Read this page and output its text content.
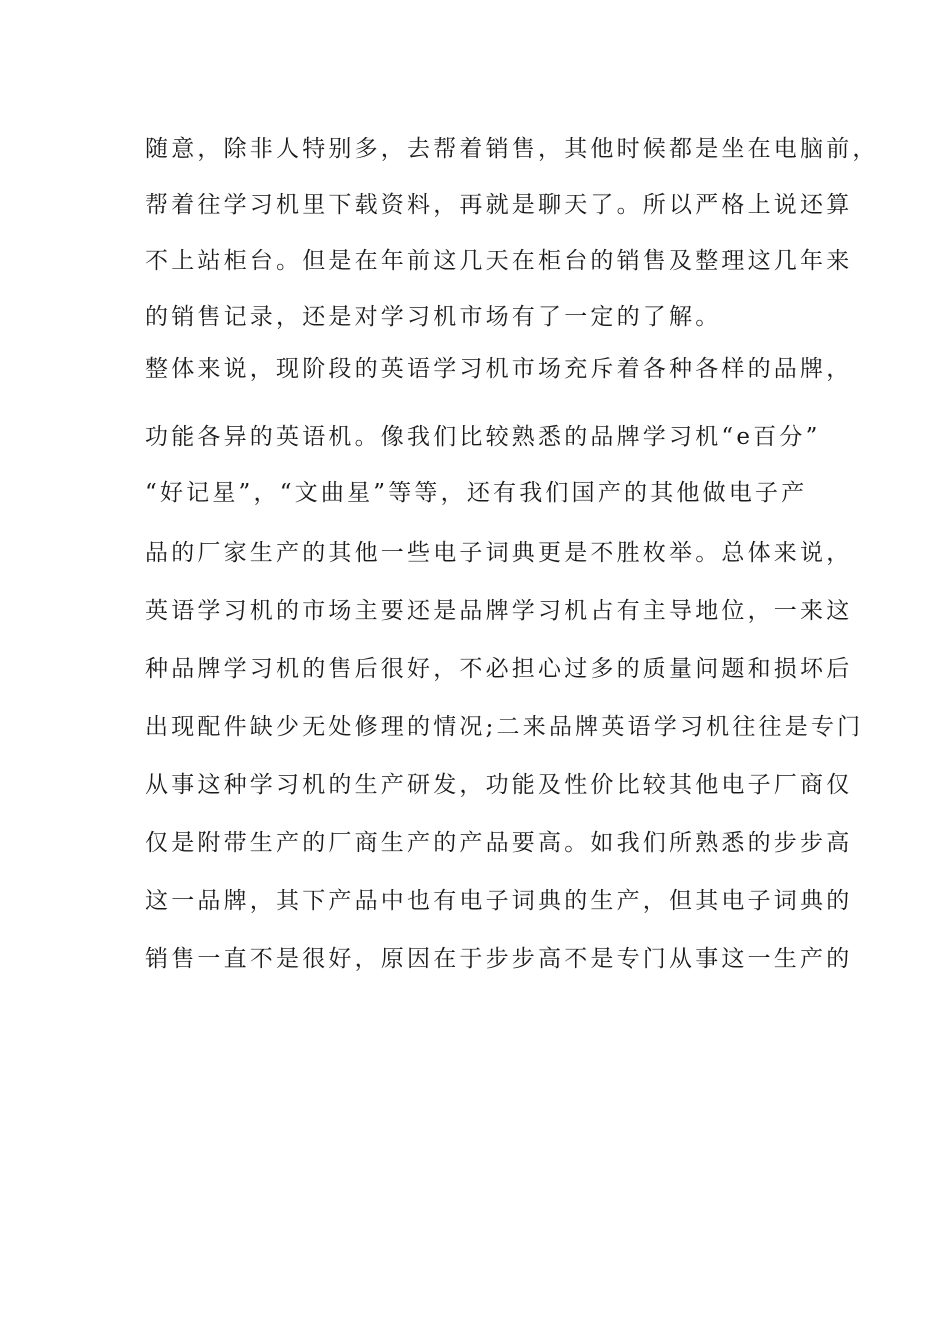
随意，除非人特别多，去帮着销售，其他时候都是坐在电脑前，
帮着往学习机里下载资料，再就是聊天了。所以严格上说还算
不上站柜台。但是在年前这几天在柜台的销售及整理这几年来
的销售记录，还是对学习机市场有了一定的了解。
整体来说，现阶段的英语学习机市场充斥着各种各样的品牌，
功能各异的英语机。像我们比较熟悉的品牌学习机“e百分”
“好记星”，“文曲星”等等，还有我们国产的其他做电子产
品的厂家生产的其他一些电子词典更是不胜枚举。总体来说，
英语学习机的市场主要还是品牌学习机占有主导地位，一来这
种品牌学习机的售后很好，不必担心过多的质量问题和损坏后
出现配件缺少无处修理的情况;二来品牌英语学习机往往是专门
从事这种学习机的生产研发，功能及性价比较其他电子厂商仅
仅是附带生产的厂商生产的产品要高。如我们所熟悉的步步高
这一品牌，其下产品中也有电子词典的生产，但其电子词典的
销售一直不是很好，原因在于步步高不是专门从事这一生产的
